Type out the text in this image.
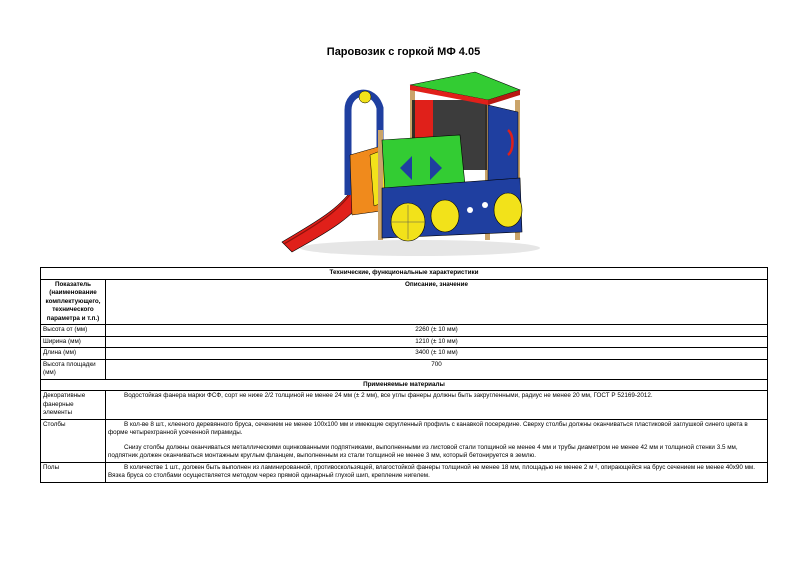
Паровозик с горкой МФ 4.05
Технические, функциональные характеристики	
Показатель (наименование комплектующего, технического параметра и т.п.)	Описание, значение
Высота от (мм)	2260 (± 10 мм)
Ширина (мм)	1210 (± 10 мм)
Длина (мм)	3400 (± 10 мм)
Высота площадки (мм)	700
Применяемые материалы	
Декоративные фанерные элементы	Водостойкая фанера марки ФСФ, сорт не ниже 2/2 толщиной не менее 24 мм (± 2 мм), все углы фанеры должны быть закругленными, радиус не менее 20 мм, ГОСТ Р 52169-2012.

Столбы	В кол-ве 8 шт., клееного деревянного бруса, сечением не менее 100х100 мм и имеющие скругленный профиль с канавкой посередине. Сверху столбы должны оканчиваться пластиковой заглушкой синего цвета в форме четырехгранной усеченной пирамиды.

Снизу столбы должны оканчиваться металлическими оцинкованными подпятниками, выполненными из листовой стали толщиной не менее 4 мм и трубы диаметром не менее 42 мм и толщиной стенки 3.5 мм, подпятник должен оканчиваться монтажным круглым фланцем, выполненным из стали толщиной не менее 3 мм, который бетонируется в землю.

Полы	В количестве 1 шт., должен быть выполнен из ламинированной, противоскользящей, влагостойкой фанеры толщиной не менее 18 мм, площадью не менее 2 м ², опирающейся на брус сечением не менее 40х90 мм. Вязка бруса со столбами осуществляется методом через прямой одинарный глухой шип, крепление нигелем.
